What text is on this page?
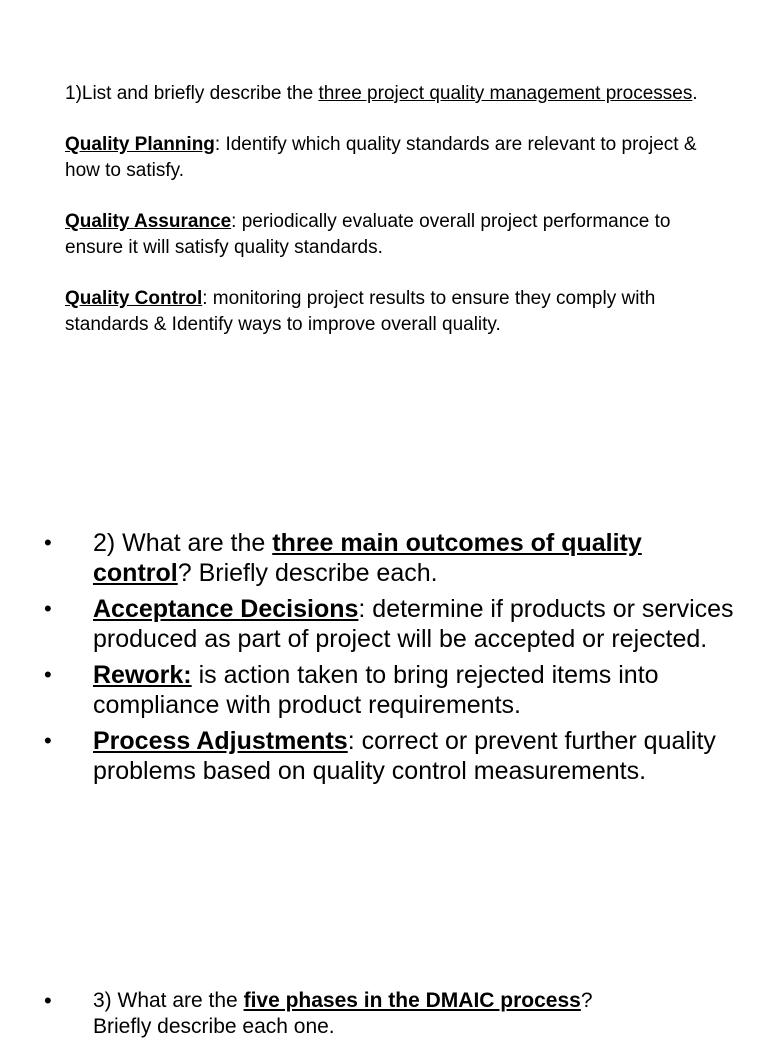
1)List and briefly describe the three project quality management processes.

Quality Planning: Identify which quality standards are relevant to project & how to satisfy.

Quality Assurance: periodically evaluate overall project performance to ensure it will satisfy quality standards.

Quality Control: monitoring project results to ensure they comply with standards & Identify ways to improve overall quality.

• 2) What are the three main outcomes of quality control? Briefly describe each.
• Acceptance Decisions: determine if products or services produced as part of project will be accepted or rejected.
• Rework: is action taken to bring rejected items into compliance with product requirements.
• Process Adjustments: correct or prevent further quality problems based on quality control measurements.
• 3) What are the five phases in the DMAIC process?
Briefly describe each one.
